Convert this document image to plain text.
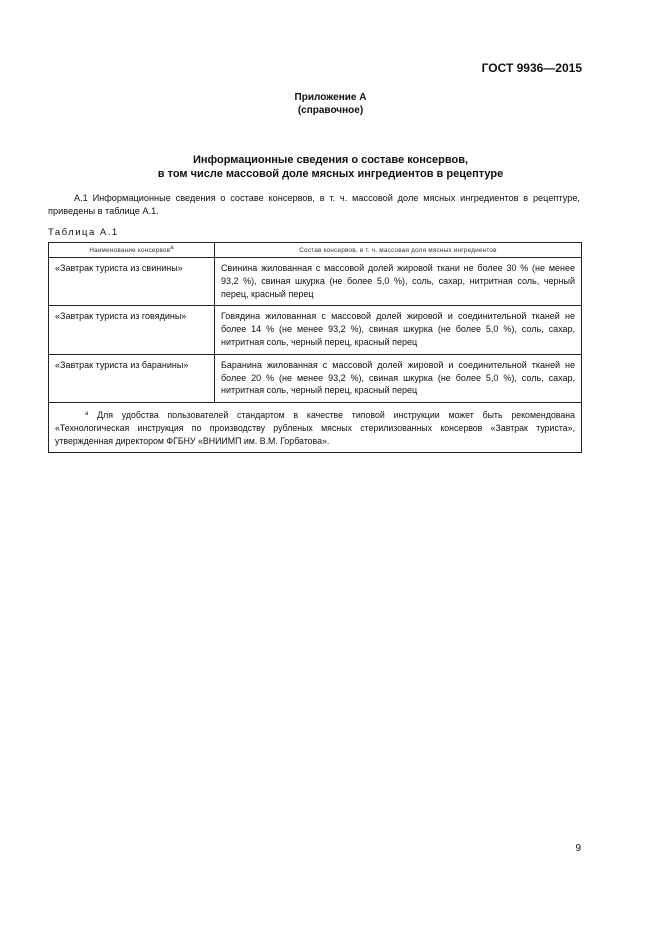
ГОСТ 9936—2015
Приложение А
(справочное)
Информационные сведения о составе консервов,
в том числе массовой доле мясных ингредиентов в рецептуре
А.1 Информационные сведения о составе консервов, в т. ч. массовой доле мясных ингредиентов в рецептуре, приведены в таблице А.1.
Таблица А.1
Наименование консервов$^а$	Состав консервов, в т. ч. массовая доля мясных ингредиентов
«Завтрак туриста из свинины»	Свинина жилованная с массовой долей жировой ткани не более 30 % (не менее 93,2 %), свиная шкурка (не более 5,0 %), соль, сахар, нитритная соль, черный перец, красный перец
«Завтрак туриста из говядины»	Говядина жилованная с массовой долей жировой и соединительной тканей не более 14 % (не менее 93,2 %), свиная шкурка (не более 5,0 %), соль, сахар, нитритная соль, черный перец, красный перец
«Завтрак туриста из баранины»	Баранина жилованная с массовой долей жировой и соединительной тканей не более 20 % (не менее 93,2 %), свиная шкурка (не более 5,0 %), соль, сахар, нитритная соль, черный перец, красный перец
$^а$ Для удобства пользователей стандартом в качестве типовой инструкции может быть рекомендована «Технологическая инструкция по производству рубленых мясных стерилизованных консервов «Завтрак туриста», утвержденная директором ФГБНУ «ВНИИМП им. В.М. Горбатова».	
9
